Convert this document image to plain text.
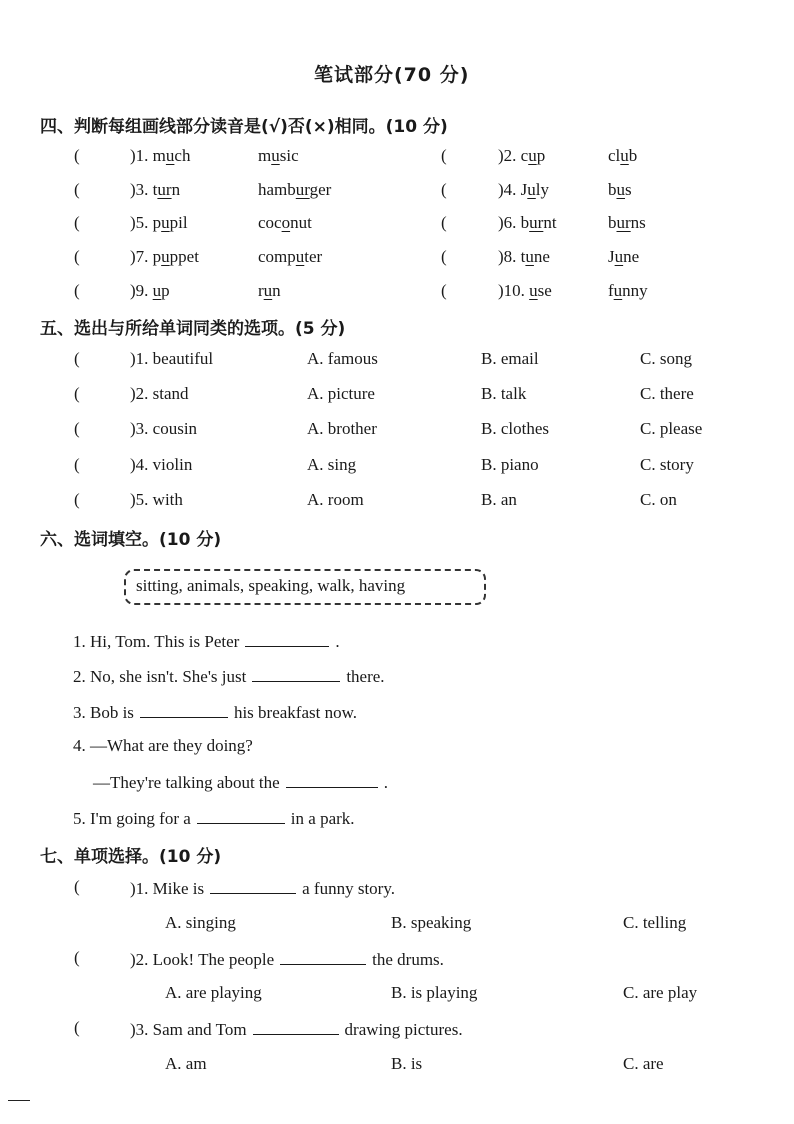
笔试部分(70 分)
四、判断每组画线部分读音是(√)否(×)相同。(10 分)
(	)1. much	music	(	)2. cup	club
(	)3. turn	hamburger	(	)4. July	bus
(	)5. pupil	coconut	(	)6. burnt	burns
(	)7. puppet	computer	(	)8. tune	June
(	)9. up	run	(	)10. use	funny
五、选出与所给单词同类的选项。(5 分)
(	)1. beautiful	A. famous	B. email	C. song
(	)2. stand	A. picture	B. talk	C. there
(	)3. cousin	A. brother	B. clothes	C. please
(	)4. violin	A. sing	B. piano	C. story
(	)5. with	A. room	B. an	C. on
六、选词填空。(10 分)
sitting, animals, speaking, walk, having
1. Hi, Tom. This is Peter	.
2. No, she isn't. She's just	there.
3. Bob is	his breakfast now.
4. —What are they doing?
—They're talking about the	.
5. I'm going for a	in a park.
七、单项选择。(10 分)
(	)1. Mike is	a funny story.
A. singing	B. speaking	C. telling
(	)2. Look! The people	the drums.
A. are playing	B. is playing	C. are play
(	)3. Sam and Tom	drawing pictures.
A. am	B. is	C. are
